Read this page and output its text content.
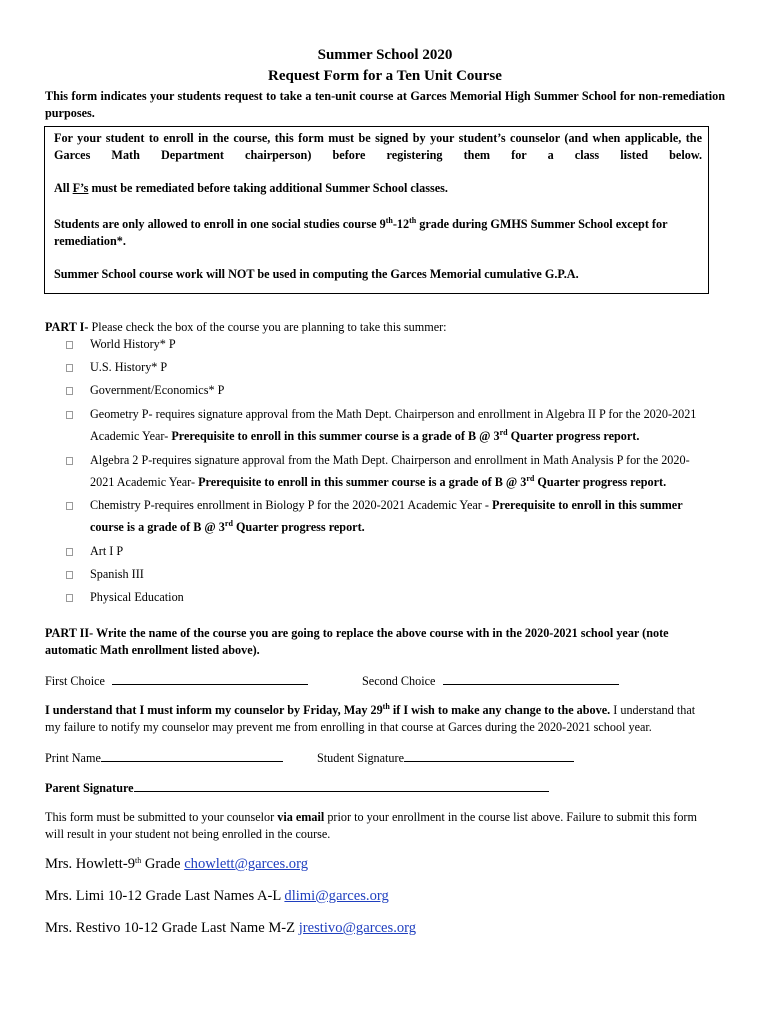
Summer School 2020
Request Form for a Ten Unit Course
This form indicates your students request to take a ten-unit course at Garces Memorial High Summer School for non-remediation purposes.
For your student to enroll in the course, this form must be signed by your student’s counselor (and when applicable, the Garces Math Department chairperson) before registering them for a class listed below.
All F’s must be remediated before taking additional Summer School classes.
Students are only allowed to enroll in one social studies course 9th-12th grade during GMHS Summer School except for remediation*.
Summer School course work will NOT be used in computing the Garces Memorial cumulative G.P.A.
PART I- Please check the box of the course you are planning to take this summer:
World History* P
U.S. History* P
Government/Economics* P
Geometry P- requires signature approval from the Math Dept. Chairperson and enrollment in Algebra II P for the 2020-2021
Academic Year- Prerequisite to enroll in this summer course is a grade of B @ 3rd Quarter progress report.
Algebra 2 P-requires signature approval from the Math Dept. Chairperson and enrollment in Math Analysis P for the 2020-
2021 Academic Year- Prerequisite to enroll in this summer course is a grade of B @ 3rd Quarter progress report.
Chemistry P-requires enrollment in Biology P for the 2020-2021 Academic Year - Prerequisite to enroll in this summer
course is a grade of B @ 3rd Quarter progress report.
Art I P
Spanish III
Physical Education
PART II- Write the name of the course you are going to replace the above course with in the 2020-2021 school year (note
automatic Math enrollment listed above).
First Choice	Second Choice
I understand that I must inform my counselor by Friday, May 29th if I wish to make any change to the above. I understand that
my failure to notify my counselor may prevent me from enrolling in that course at Garces during the 2020-2021 school year.
Print Name	Student Signature
Parent Signature
This form must be submitted to your counselor via email prior to your enrollment in the course list above. Failure to submit this form
will result in your student not being enrolled in the course.
Mrs. Howlett-9th Grade chowlett@garces.org
Mrs. Limi 10-12 Grade Last Names A-L dlimi@garces.org
Mrs. Restivo 10-12 Grade Last Name M-Z jrestivo@garces.org
